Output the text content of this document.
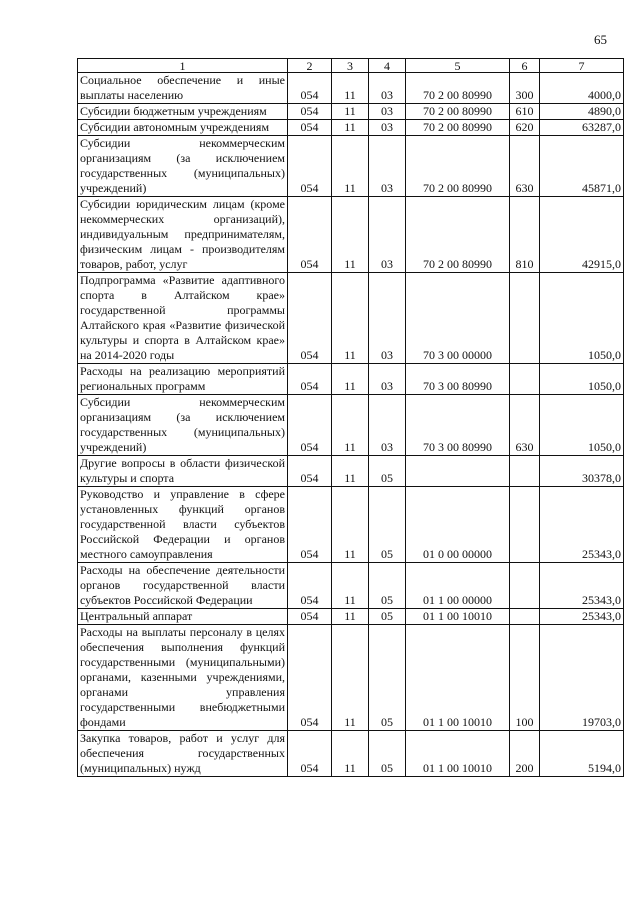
65
1	2	3	4	5	6	7
Социальное обеспечение и иные выплаты населению	054	11	03	70 2 00 80990	300	4000,0
Субсидии бюджетным учреждениям	054	11	03	70 2 00 80990	610	4890,0
Субсидии автономным учреждениям	054	11	03	70 2 00 80990	620	63287,0
Субсидии некоммерческим организациям (за исключением государственных (муниципальных) учреждений)	054	11	03	70 2 00 80990	630	45871,0
Субсидии юридическим лицам (кроме некоммерческих организаций), индивидуальным предпринимателям, физическим лицам - производителям товаров, работ, услуг	054	11	03	70 2 00 80990	810	42915,0
Подпрограмма «Развитие адаптивного спорта в Алтайском крае» государственной программы Алтайского края «Развитие физической культуры и спорта в Алтайском крае» на 2014-2020 годы	054	11	03	70 3 00 00000		1050,0
Расходы на реализацию мероприятий региональных программ	054	11	03	70 3 00 80990		1050,0
Субсидии некоммерческим организациям (за исключением государственных (муниципальных) учреждений)	054	11	03	70 3 00 80990	630	1050,0
Другие вопросы в области физической культуры и спорта	054	11	05			30378,0
Руководство и управление в сфере установленных функций органов государственной власти субъектов Российской Федерации и органов местного самоуправления	054	11	05	01 0 00 00000		25343,0
Расходы на обеспечение деятельности органов государственной власти субъектов Российской Федерации	054	11	05	01 1 00 00000		25343,0
Центральный аппарат	054	11	05	01 1 00 10010		25343,0
Расходы на выплаты персоналу в целях обеспечения выполнения функций государственными (муниципальными) органами, казенными учреждениями, органами управления государственными внебюджетными фондами	054	11	05	01 1 00 10010	100	19703,0
Закупка товаров, работ и услуг для обеспечения государственных (муниципальных) нужд	054	11	05	01 1 00 10010	200	5194,0
